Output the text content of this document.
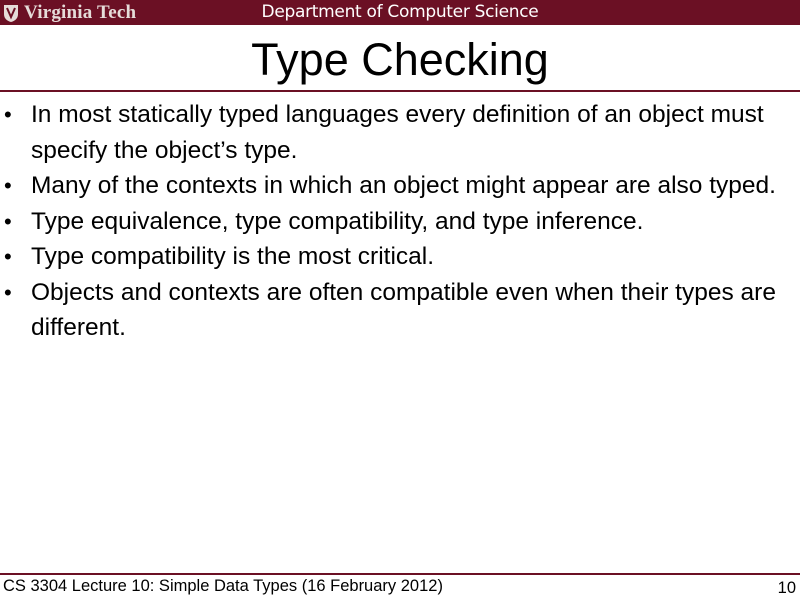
Virginia Tech	Department of Computer Science
Type Checking
• In most statically typed languages every definition of an object must specify the object’s type.
• Many of the contexts in which an object might appear are also typed.
• Type equivalence, type compatibility, and type inference.
• Type compatibility is the most critical.
• Objects and contexts are often compatible even when their types are different.
CS 3304 Lecture 10: Simple Data Types (16 February 2012)	10
